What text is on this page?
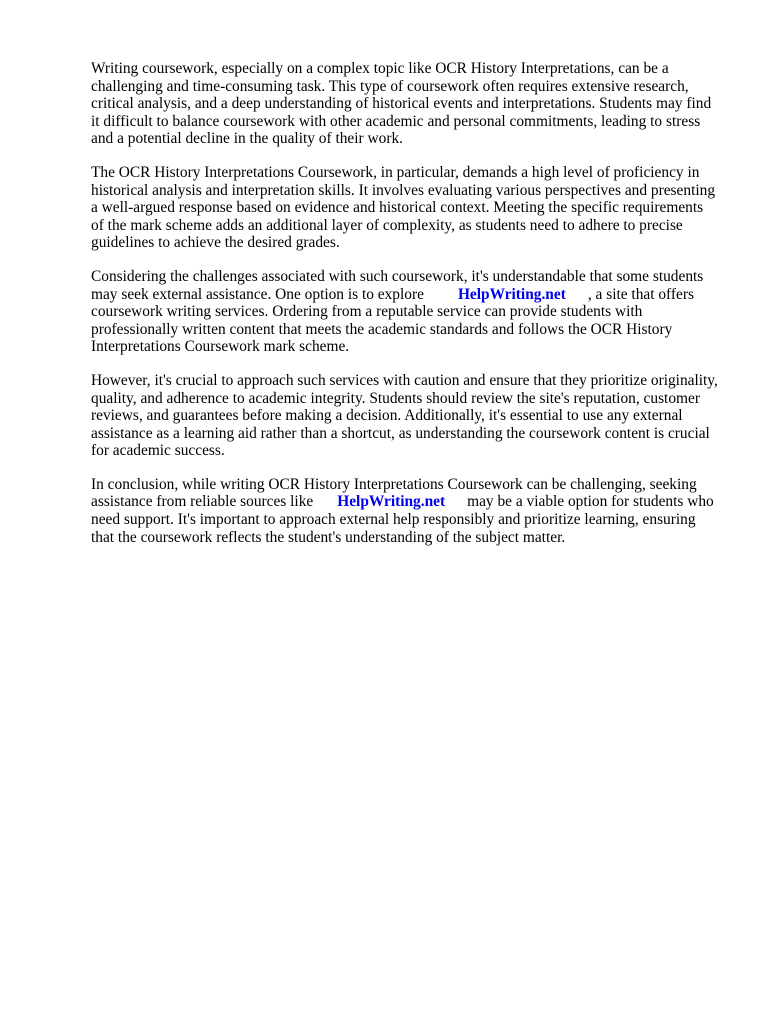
Writing coursework, especially on a complex topic like OCR History Interpretations, can be a
challenging and time-consuming task. This type of coursework often requires extensive research,
critical analysis, and a deep understanding of historical events and interpretations. Students may find
it difficult to balance coursework with other academic and personal commitments, leading to stress
and a potential decline in the quality of their work.

The OCR History Interpretations Coursework, in particular, demands a high level of proficiency in
historical analysis and interpretation skills. It involves evaluating various perspectives and presenting
a well-argued response based on evidence and historical context. Meeting the specific requirements
of the mark scheme adds an additional layer of complexity, as students need to adhere to precise
guidelines to achieve the desired grades.

Considering the challenges associated with such coursework, it's understandable that some students
may seek external assistance. One option is to explore HelpWriting.net , a site that offers
coursework writing services. Ordering from a reputable service can provide students with
professionally written content that meets the academic standards and follows the OCR History
Interpretations Coursework mark scheme.

However, it's crucial to approach such services with caution and ensure that they prioritize originality,
quality, and adherence to academic integrity. Students should review the site's reputation, customer
reviews, and guarantees before making a decision. Additionally, it's essential to use any external
assistance as a learning aid rather than a shortcut, as understanding the coursework content is crucial
for academic success.

In conclusion, while writing OCR History Interpretations Coursework can be challenging, seeking
assistance from reliable sources like HelpWriting.net may be a viable option for students who
need support. It's important to approach external help responsibly and prioritize learning, ensuring
that the coursework reflects the student's understanding of the subject matter.
